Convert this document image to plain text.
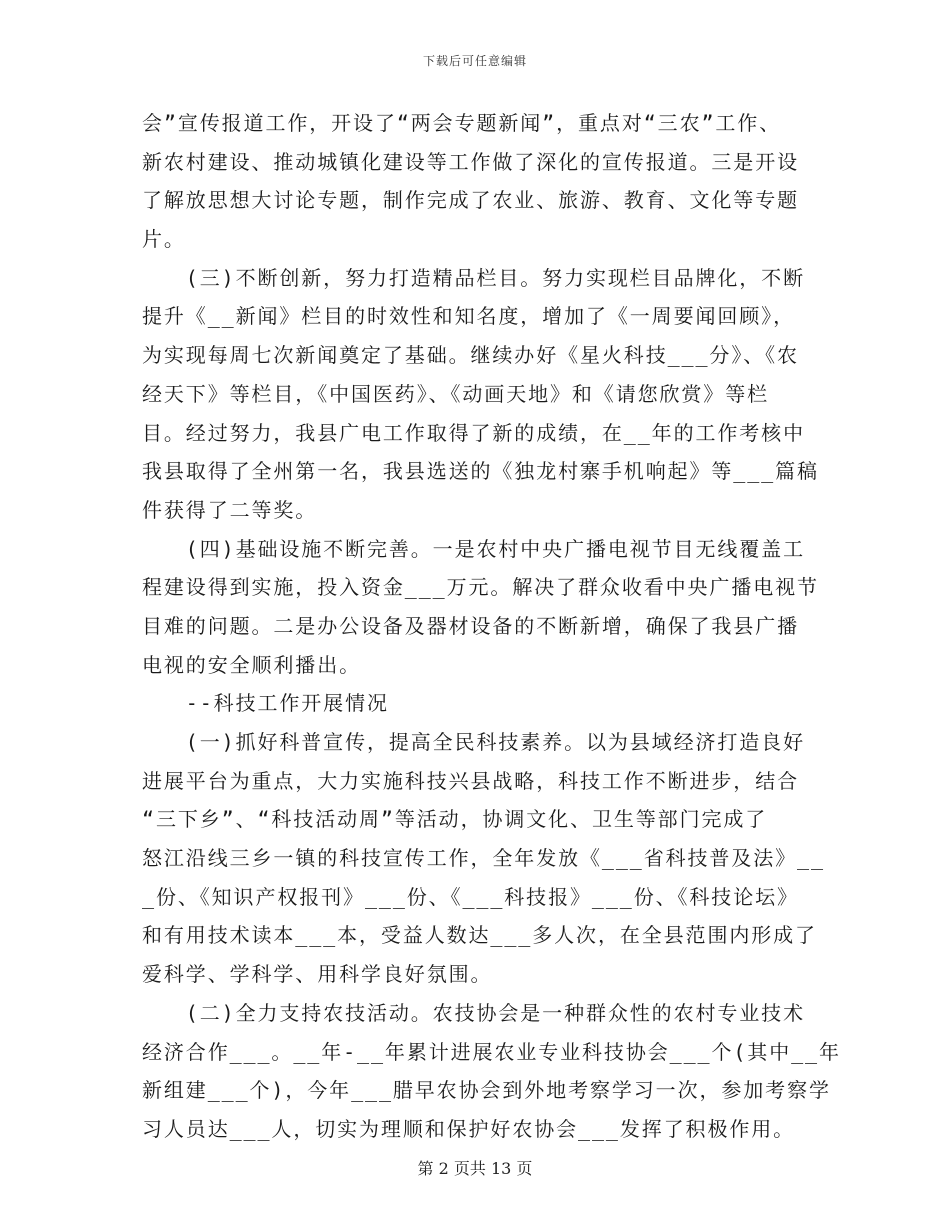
下载后可任意编辑
会”宣传报道工作，开设了“两会专题新闻”，重点对“三农”工作、
新农村建设、推动城镇化建设等工作做了深化的宣传报道。三是开设
了解放思想大讨论专题，制作完成了农业、旅游、教育、文化等专题
片。
　　(三)不断创新，努力打造精品栏目。努力实现栏目品牌化，不断
提升《__新闻》栏目的时效性和知名度，增加了《一周要闻回顾》，
为实现每周七次新闻奠定了基础。继续办好《星火科技___分》、《农
经天下》等栏目，《中国医药》、《动画天地》和《请您欣赏》等栏
目。经过努力，我县广电工作取得了新的成绩，在__年的工作考核中
我县取得了全州第一名，我县选送的《独龙村寨手机响起》等___篇稿
件获得了二等奖。
　　(四)基础设施不断完善。一是农村中央广播电视节目无线覆盖工
程建设得到实施，投入资金___万元。解决了群众收看中央广播电视节
目难的问题。二是办公设备及器材设备的不断新增，确保了我县广播
电视的安全顺利播出。
　　--科技工作开展情况
　　(一)抓好科普宣传，提高全民科技素养。以为县域经济打造良好
进展平台为重点，大力实施科技兴县战略，科技工作不断进步，结合
“三下乡”、“科技活动周”等活动，协调文化、卫生等部门完成了
怒江沿线三乡一镇的科技宣传工作，全年发放《___省科技普及法》__
_份、《知识产权报刊》___份、《___科技报》___份、《科技论坛》
和有用技术读本___本，受益人数达___多人次，在全县范围内形成了
爱科学、学科学、用科学良好氛围。
　　(二)全力支持农技活动。农技协会是一种群众性的农村专业技术
经济合作___。__年-__年累计进展农业专业科技协会___个(其中__年
新组建___个)，今年___腊早农协会到外地考察学习一次，参加考察学
习人员达___人，切实为理顺和保护好农协会___发挥了积极作用。
第 2 页共 13 页
